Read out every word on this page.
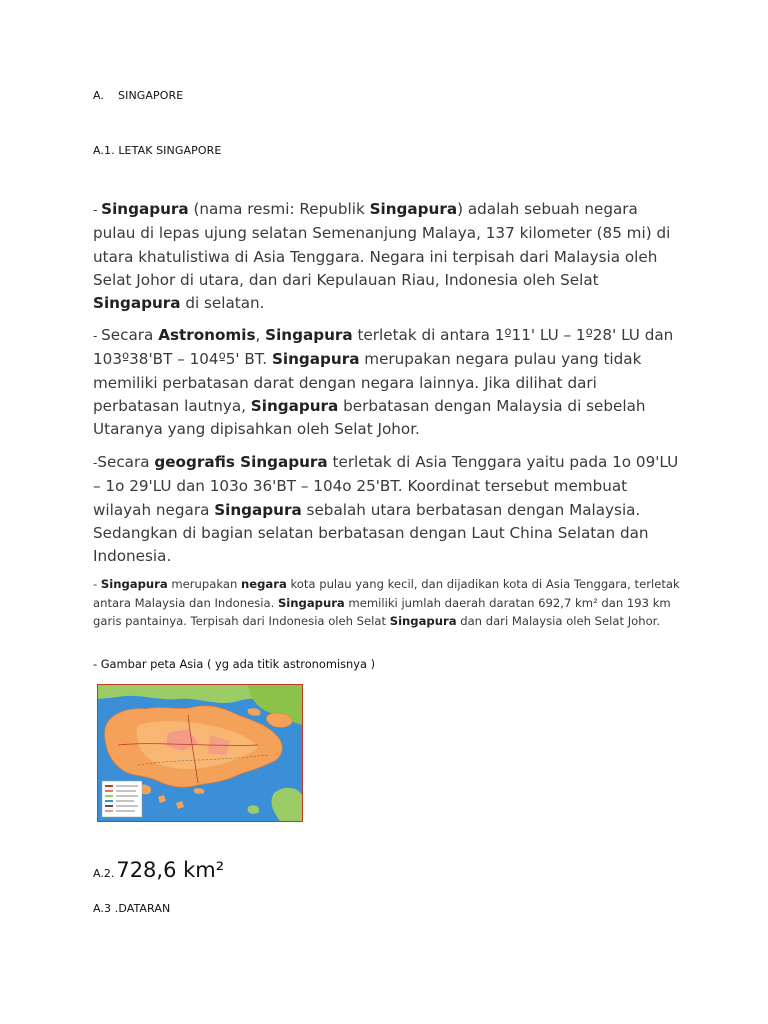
A. SINGAPORE
A.1. LETAK SINGAPORE
- Singapura (nama resmi: Republik Singapura) adalah sebuah negara pulau di lepas ujung selatan Semenanjung Malaya, 137 kilometer (85 mi) di utara khatulistiwa di Asia Tenggara. Negara ini terpisah dari Malaysia oleh Selat Johor di utara, dan dari Kepulauan Riau, Indonesia oleh Selat Singapura di selatan.
- Secara Astronomis, Singapura terletak di antara 1º11' LU – 1º28' LU dan 103º38'BT – 104º5' BT. Singapura merupakan negara pulau yang tidak memiliki perbatasan darat dengan negara lainnya. Jika dilihat dari perbatasan lautnya, Singapura berbatasan dengan Malaysia di sebelah Utaranya yang dipisahkan oleh Selat Johor.
-Secara geografis Singapura terletak di Asia Tenggara yaitu pada 1o 09'LU – 1o 29'LU dan 103o 36'BT – 104o 25'BT. Koordinat tersebut membuat wilayah negara Singapura sebalah utara berbatasan dengan Malaysia. Sedangkan di bagian selatan berbatasan dengan Laut China Selatan dan Indonesia.
- Singapura merupakan negara kota pulau yang kecil, dan dijadikan kota di Asia Tenggara, terletak antara Malaysia dan Indonesia. Singapura memiliki jumlah daerah daratan 692,7 km² dan 193 km garis pantainya. Terpisah dari Indonesia oleh Selat Singapura dan dari Malaysia oleh Selat Johor.
- Gambar peta Asia ( yg ada titik astronomisnya )
A.2.728,6 km²
A.3 .DATARAN
